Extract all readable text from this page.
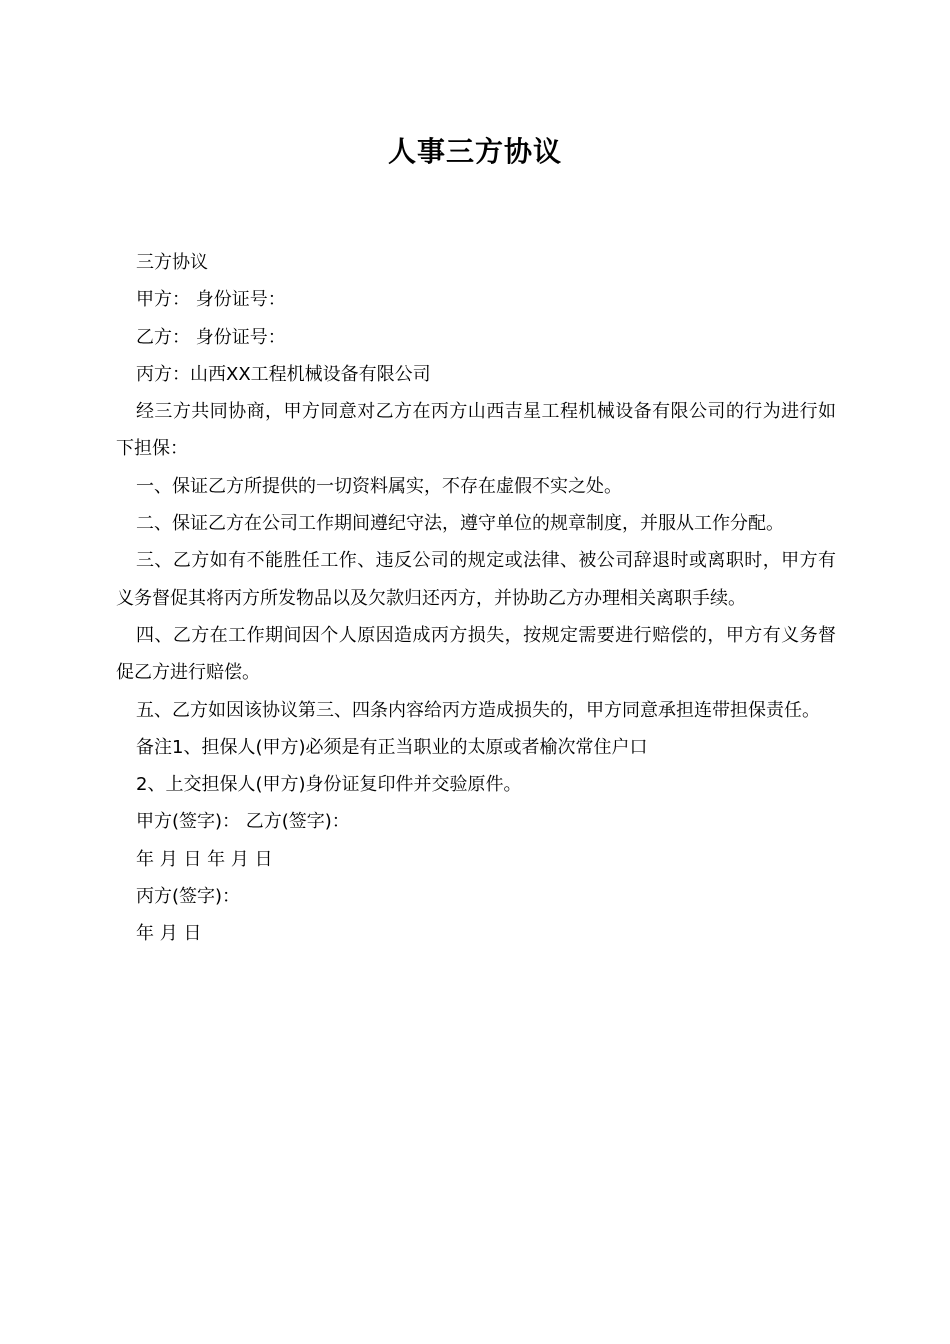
人事三方协议

三方协议

甲方： 身份证号：

乙方： 身份证号：

丙方：山西XX工程机械设备有限公司

经三方共同协商，甲方同意对乙方在丙方山西吉星工程机械设备有限公司的行为进行如下担保：

一、保证乙方所提供的一切资料属实，不存在虚假不实之处。

二、保证乙方在公司工作期间遵纪守法，遵守单位的规章制度，并服从工作分配。

三、乙方如有不能胜任工作、违反公司的规定或法律、被公司辞退时或离职时，甲方有义务督促其将丙方所发物品以及欠款归还丙方，并协助乙方办理相关离职手续。

四、乙方在工作期间因个人原因造成丙方损失，按规定需要进行赔偿的，甲方有义务督促乙方进行赔偿。

五、乙方如因该协议第三、四条内容给丙方造成损失的，甲方同意承担连带担保责任。

备注1、担保人(甲方)必须是有正当职业的太原或者榆次常住户口

2、上交担保人(甲方)身份证复印件并交验原件。

甲方(签字)： 乙方(签字)：

年 月 日 年 月 日

丙方(签字)：

年 月 日
